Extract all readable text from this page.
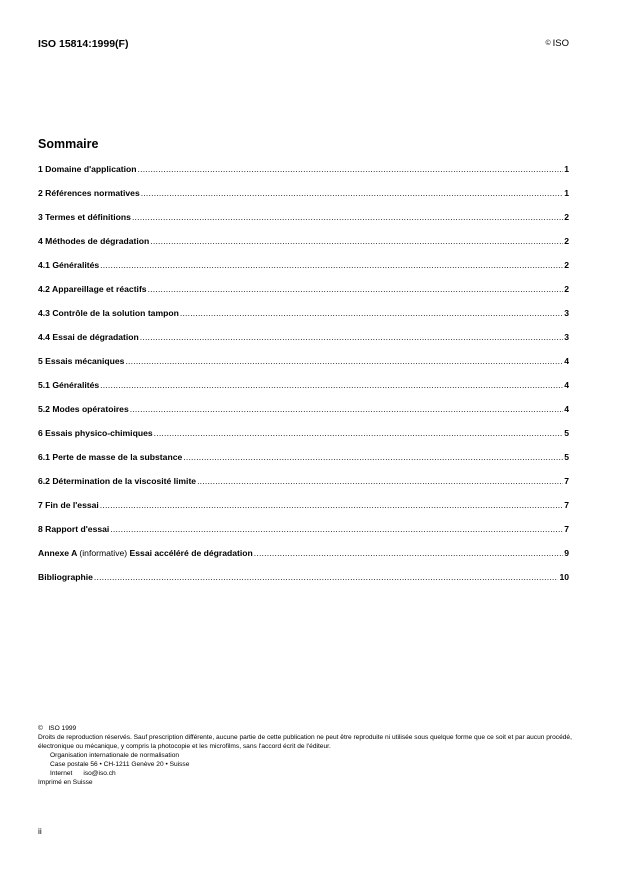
ISO 15814:1999(F)	© ISO
Sommaire
1 Domaine d'application .....	1
2 Références normatives .....	1
3 Termes et définitions .....	2
4 Méthodes de dégradation .....	2
4.1 Généralités .....	2
4.2 Appareillage et réactifs .....	2
4.3 Contrôle de la solution tampon .....	3
4.4 Essai de dégradation .....	3
5 Essais mécaniques .....	4
5.1 Généralités .....	4
5.2 Modes opératoires .....	4
6 Essais physico-chimiques .....	5
6.1 Perte de masse de la substance .....	5
6.2 Détermination de la viscosité limite .....	7
7 Fin de l'essai .....	7
8 Rapport d'essai .....	7
Annexe A (informative) Essai accéléré de dégradation .....	9
Bibliographie .....	10
©   ISO 1999
Droits de reproduction réservés. Sauf prescription différente, aucune partie de cette publication ne peut être reproduite ni utilisée sous quelque forme que ce soit et par aucun procédé, électronique ou mécanique, y compris la photocopie et les microfilms, sans l'accord écrit de l'éditeur.
Organisation internationale de normalisation
Case postale 56 • CH-1211 Genève 20 • Suisse
Internet      iso@iso.ch
Imprimé en Suisse
ii
